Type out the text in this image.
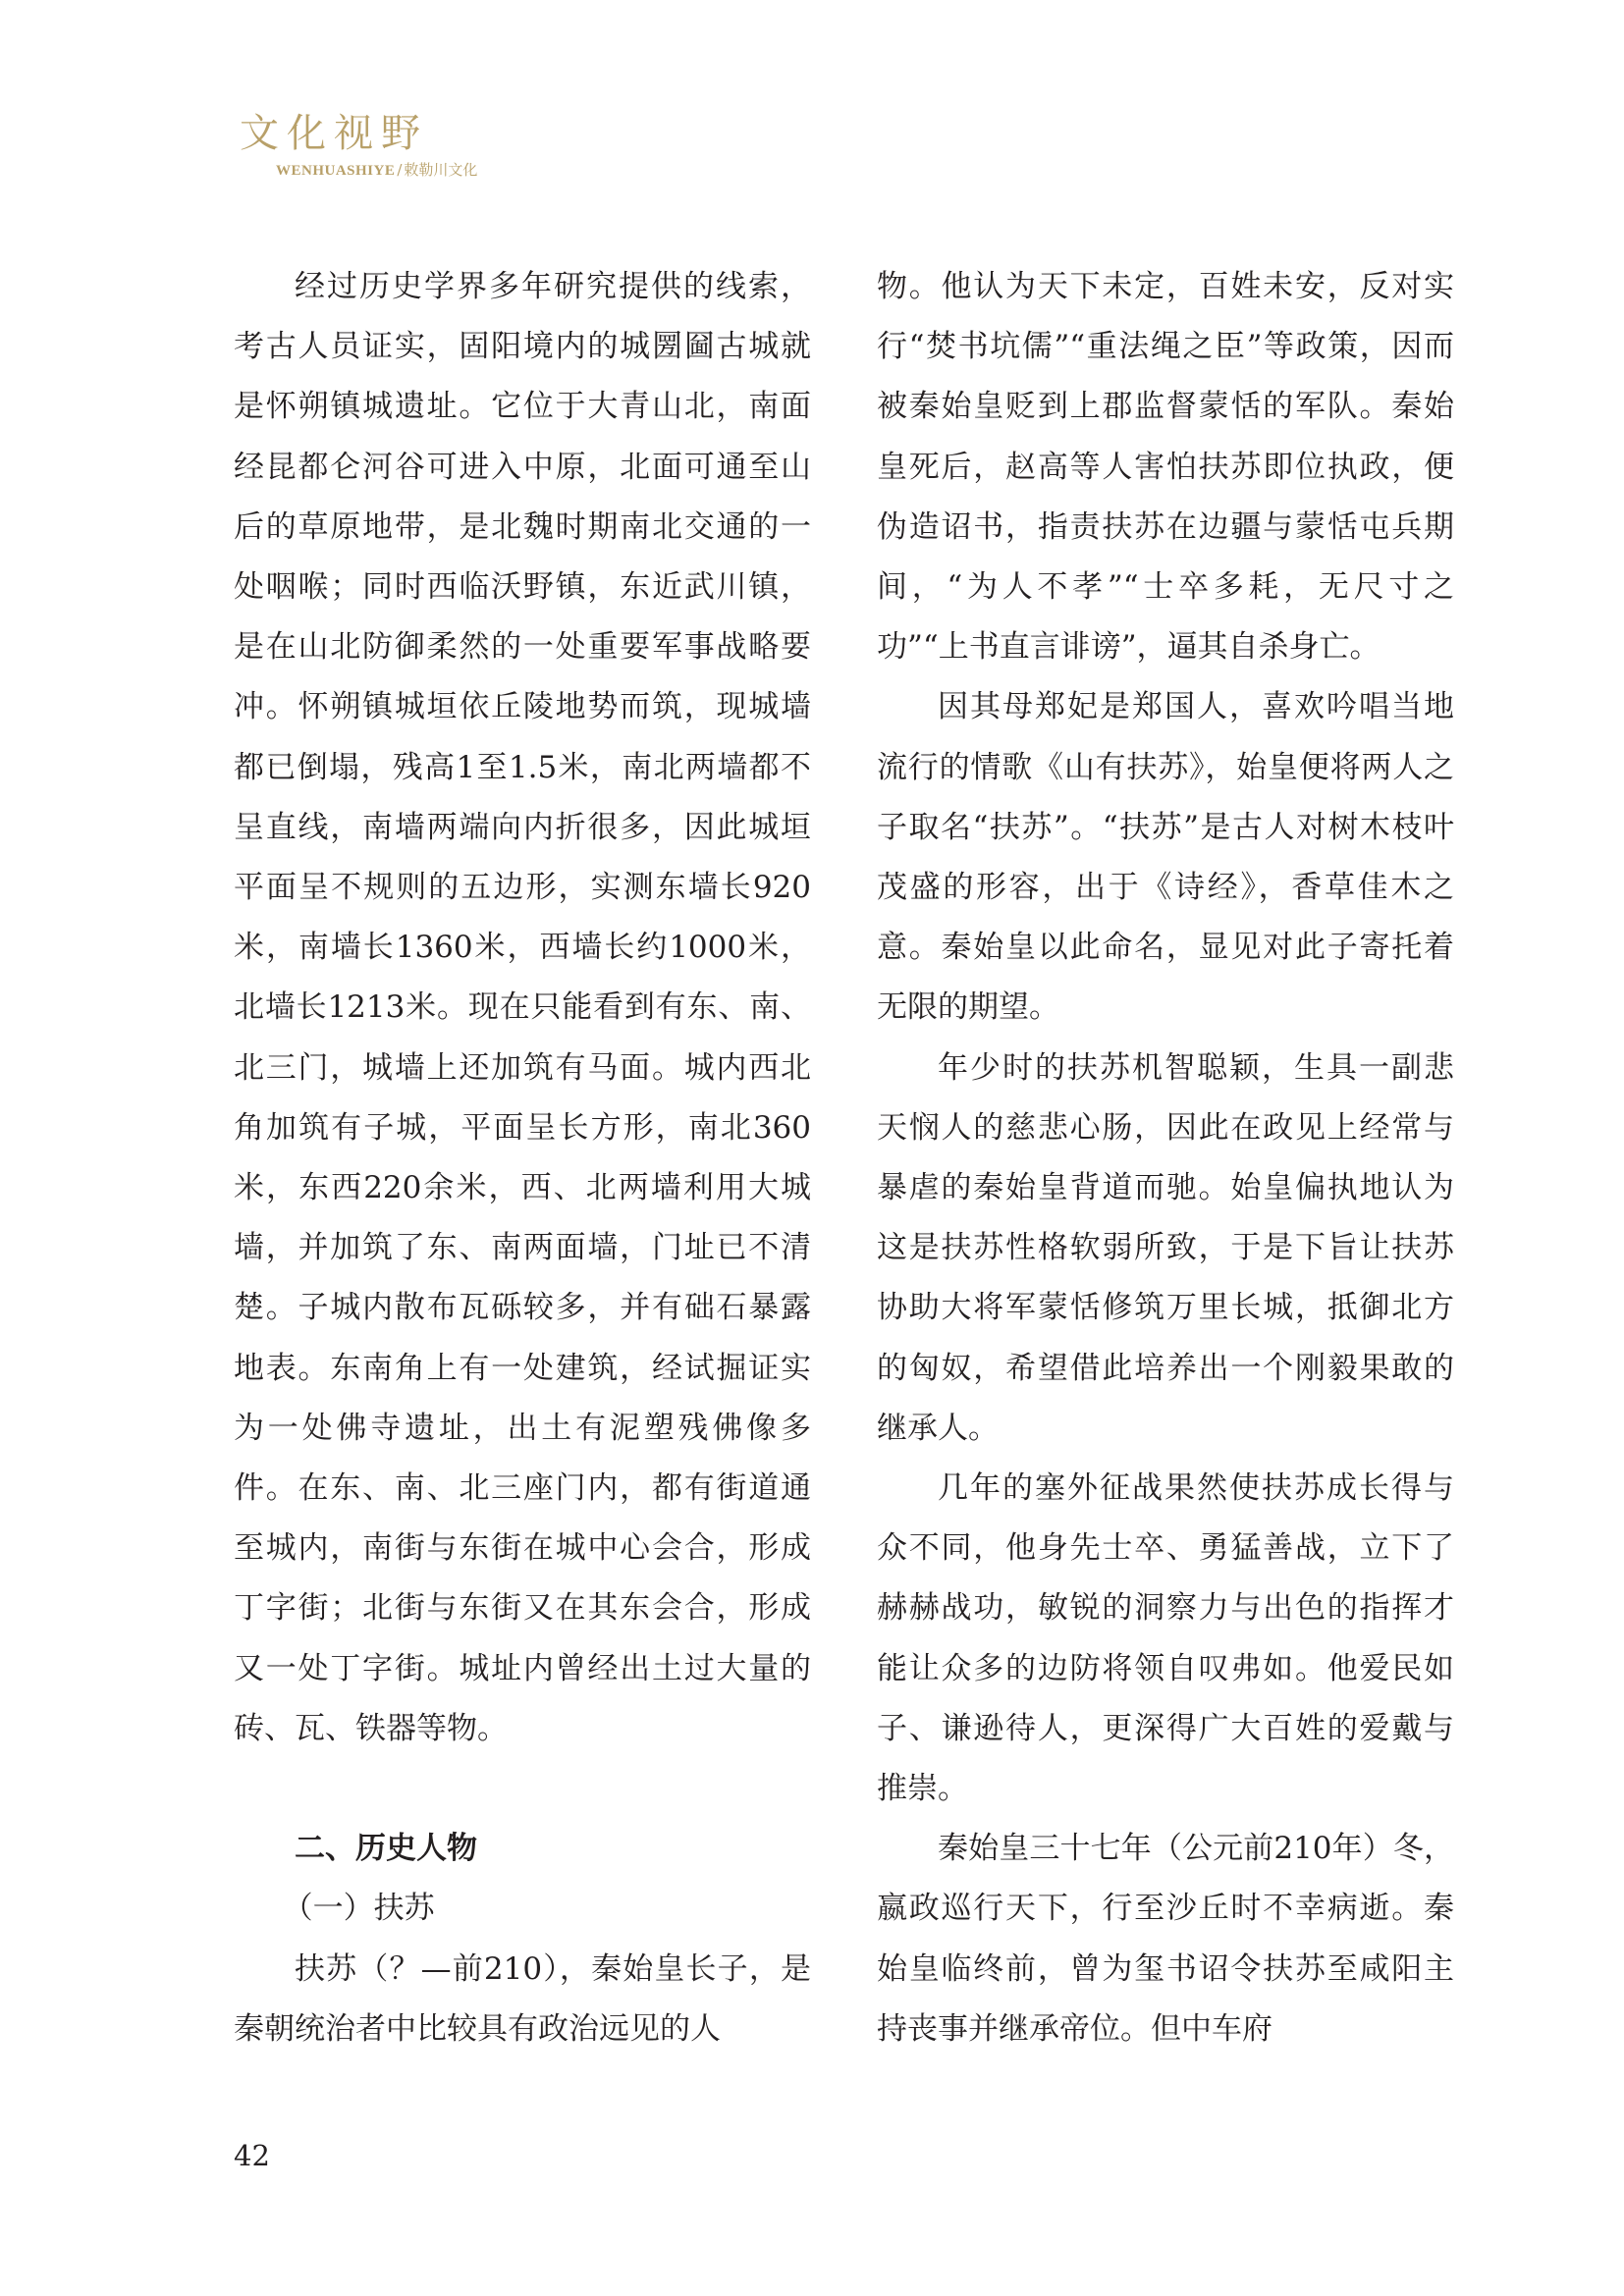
文化视野
WENHUASHIYE / 敕勒川文化

经过历史学界多年研究提供的线索，考古人员证实，固阳境内的城圐圙古城就是怀朔镇城遗址。它位于大青山北，南面经昆都仑河谷可进入中原，北面可通至山后的草原地带，是北魏时期南北交通的一处咽喉；同时西临沃野镇，东近武川镇，是在山北防御柔然的一处重要军事战略要冲。怀朔镇城垣依丘陵地势而筑，现城墙都已倒塌，残高1至1.5米，南北两墙都不呈直线，南墙两端向内折很多，因此城垣平面呈不规则的五边形，实测东墙长920米，南墙长1360米，西墙长约1000米，北墙长1213米。现在只能看到有东、南、北三门，城墙上还加筑有马面。城内西北角加筑有子城，平面呈长方形，南北360米，东西220余米，西、北两墙利用大城墙，并加筑了东、南两面墙，门址已不清楚。子城内散布瓦砾较多，并有础石暴露地表。东南角上有一处建筑，经试掘证实为一处佛寺遗址，出土有泥塑残佛像多件。在东、南、北三座门内，都有街道通至城内，南街与东街在城中心会合，形成丁字街；北街与东街又在其东会合，形成又一处丁字街。城址内曾经出土过大量的砖、瓦、铁器等物。

二、历史人物

（一）扶苏

扶苏（？—前210），秦始皇长子，是秦朝统治者中比较具有政治远见的人

物。他认为天下未定，百姓未安，反对实行“焚书坑儒”“重法绳之臣”等政策，因而被秦始皇贬到上郡监督蒙恬的军队。秦始皇死后，赵高等人害怕扶苏即位执政，便伪造诏书，指责扶苏在边疆与蒙恬屯兵期间，“为人不孝”“士卒多耗，无尺寸之功”“上书直言诽谤”，逼其自杀身亡。

因其母郑妃是郑国人，喜欢吟唱当地流行的情歌《山有扶苏》，始皇便将两人之子取名“扶苏”。“扶苏”是古人对树木枝叶茂盛的形容，出于《诗经》，香草佳木之意。秦始皇以此命名，显见对此子寄托着无限的期望。

年少时的扶苏机智聪颖，生具一副悲天悯人的慈悲心肠，因此在政见上经常与暴虐的秦始皇背道而驰。始皇偏执地认为这是扶苏性格软弱所致，于是下旨让扶苏协助大将军蒙恬修筑万里长城，抵御北方的匈奴，希望借此培养出一个刚毅果敢的继承人。

几年的塞外征战果然使扶苏成长得与众不同，他身先士卒、勇猛善战，立下了赫赫战功，敏锐的洞察力与出色的指挥才能让众多的边防将领自叹弗如。他爱民如子、谦逊待人，更深得广大百姓的爱戴与推崇。

秦始皇三十七年（公元前210年）冬，嬴政巡行天下，行至沙丘时不幸病逝。秦始皇临终前，曾为玺书诏令扶苏至咸阳主持丧事并继承帝位。但中车府

42
